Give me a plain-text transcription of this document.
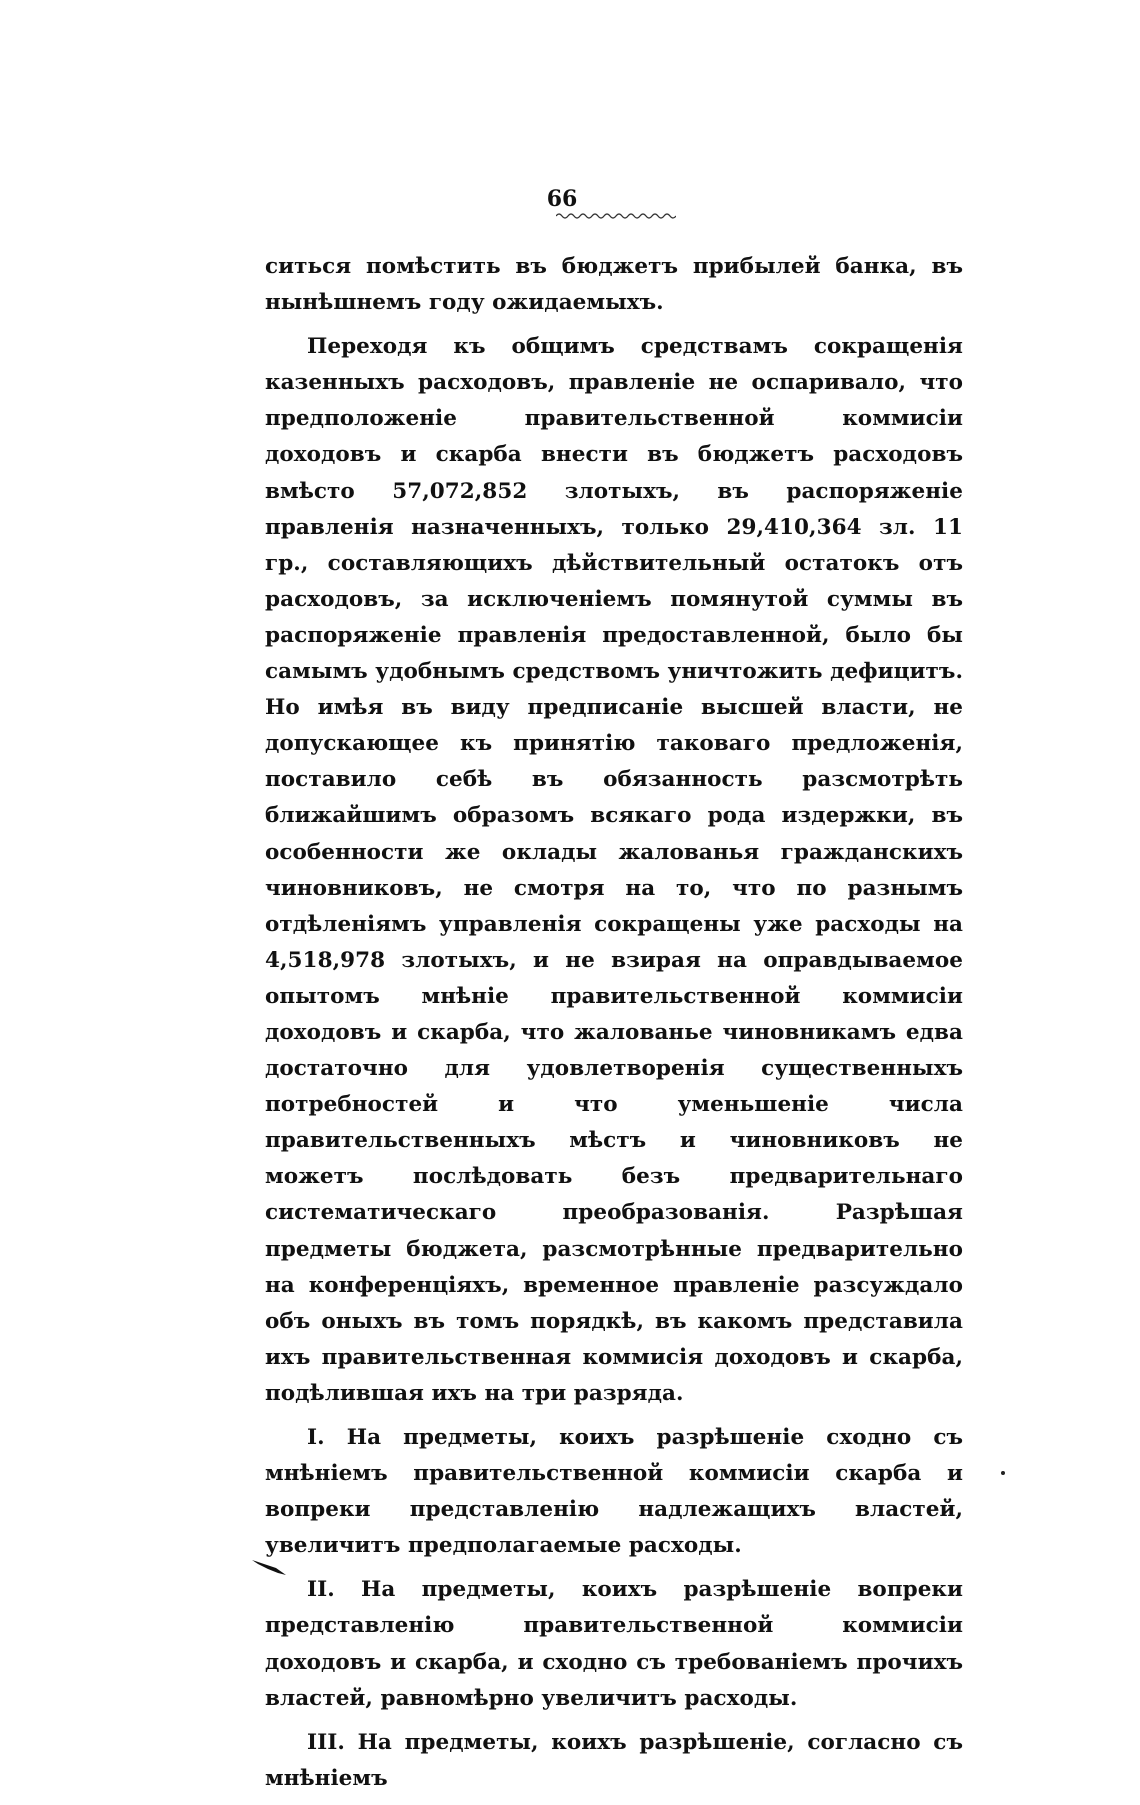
66

ситься помѣстить въ бюджетъ прибылей банка, въ нынѣшнемъ году ожидаемыхъ.

Переходя къ общимъ средствамъ сокращенія казенныхъ расходовъ, правленіе не оспаривало, что предположеніе правительственной коммисіи доходовъ и скарба внести въ бюджетъ расходовъ вмѣсто 57,072,852 злотыхъ, въ распоряженіе правленія назначенныхъ, только 29,410,364 зл. 11 гр., составляющихъ дѣйствительный остатокъ отъ расходовъ, за исключеніемъ помянутой суммы въ распоряженіе правленія предоставленной, было бы самымъ удобнымъ средствомъ уничтожить дефицитъ. Но имѣя въ виду предписаніе высшей власти, не допускающее къ принятію таковаго предложенія, поставило себѣ въ обязанность разсмотрѣть ближайшимъ образомъ всякаго рода издержки, въ особенности же оклады жалованья гражданскихъ чиновниковъ, не смотря на то, что по разнымъ отдѣленіямъ управленія сокращены уже расходы на 4,518,978 злотыхъ, и не взирая на оправдываемое опытомъ мнѣніе правительственной коммисіи доходовъ и скарба, что жалованье чиновникамъ едва достаточно для удовлетворенія существенныхъ потребностей и что уменьшеніе числа правительственныхъ мѣстъ и чиновниковъ не можетъ послѣдовать безъ предварительнаго систематическаго преобразованія. Разрѣшая предметы бюджета, разсмотрѣнные предварительно на конференціяхъ, временное правленіе разсуждало объ оныхъ въ томъ порядкѣ, въ какомъ представила ихъ правительственная коммисія доходовъ и скарба, подѣлившая ихъ на три разряда.

I. На предметы, коихъ разрѣшеніе сходно съ мнѣніемъ правительственной коммисіи скарба и вопреки представленію надлежащихъ властей, увеличитъ предполагаемые расходы.

II. На предметы, коихъ разрѣшеніе вопреки представленію правительственной коммисіи доходовъ и скарба, и сходно съ требованіемъ прочихъ властей, равномѣрно увеличитъ расходы.

III. На предметы, коихъ разрѣшеніе, согласно съ мнѣніемъ
